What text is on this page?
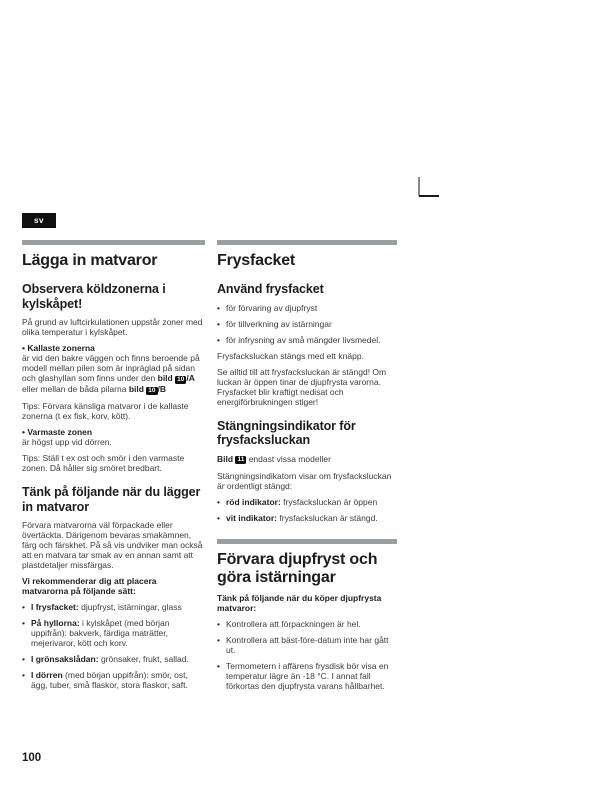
sv
Lägga in matvaror
Observera köldzonerna i kylskåpet!

På grund av luftcirkulationen uppstår zoner med olika temperatur i kylskåpet.

• Kallaste zonerna

är vid den bakre väggen och finns beroende på modell mellan pilen som är inpräglad på sidan och glashyllan som finns under den bild 10 /A eller mellan de båda pilarna bild 10 /B

Tips: Förvara känsliga matvaror i de kallaste zonerna (t ex fisk, korv, kött).

• Varmaste zonen

är högst upp vid dörren.

Tips: Ställ t ex ost och smör i den varmaste zonen. Då håller sig smöret bredbart.

Tänk på följande när du lägger in matvaror

Förvara matvarorna väl förpackade eller övertäckta. Därigenom bevaras smakämnen, färg och färskhet. På så vis undviker man också att en matvara tar smak av en annan samt att plastdetaljer missfärgas.

Vi rekommenderar dig att placera matvarorna på följande sätt:

• I frysfacket: djupfryst, istärningar, glass
• På hyllorna: i kylskåpet (med början uppifrån): bakverk, färdiga maträtter, mejerivaror, kött och korv.
• I grönsakslådan: grönsaker, frukt, sallad.
• I dörren (med början uppifrån): smör, ost, ägg, tuber, små flaskor, stora flaskor, saft.
Frysfacket
Använd frysfacket
• för förvaring av djupfryst
• för tillverkning av istärningar
• för infrysning av små mängder livsmedel.

Frysfacksluckan stängs med ett knäpp.

Se alltid till att frysfacksluckan är stängd! Om luckan är öppen tinar de djupfrysta varorna. Frysfacket blir kraftigt nedisat och energiförbrukningen stiger!

Stängningsindikator för frysfacksluckan

Bild 11 endast vissa modeller

Stängningsindikatorn visar om frysfacksluckan är ordentligt stängd:

• röd indikator: frysfacksluckan är öppen
• vit indikator: frysfacksluckan är stängd.
Förvara djupfryst och göra istärningar

Tänk på följande när du köper djupfrysta matvaror:

• Kontrollera att förpackningen är hel.
• Kontrollera att bäst-före-datum inte har gått ut.
• Termometern i affärens frysdisk bör visa en temperatur lägre än -18 °C. I annat fall förkortas den djupfrysta varans hållbarhet.
100
